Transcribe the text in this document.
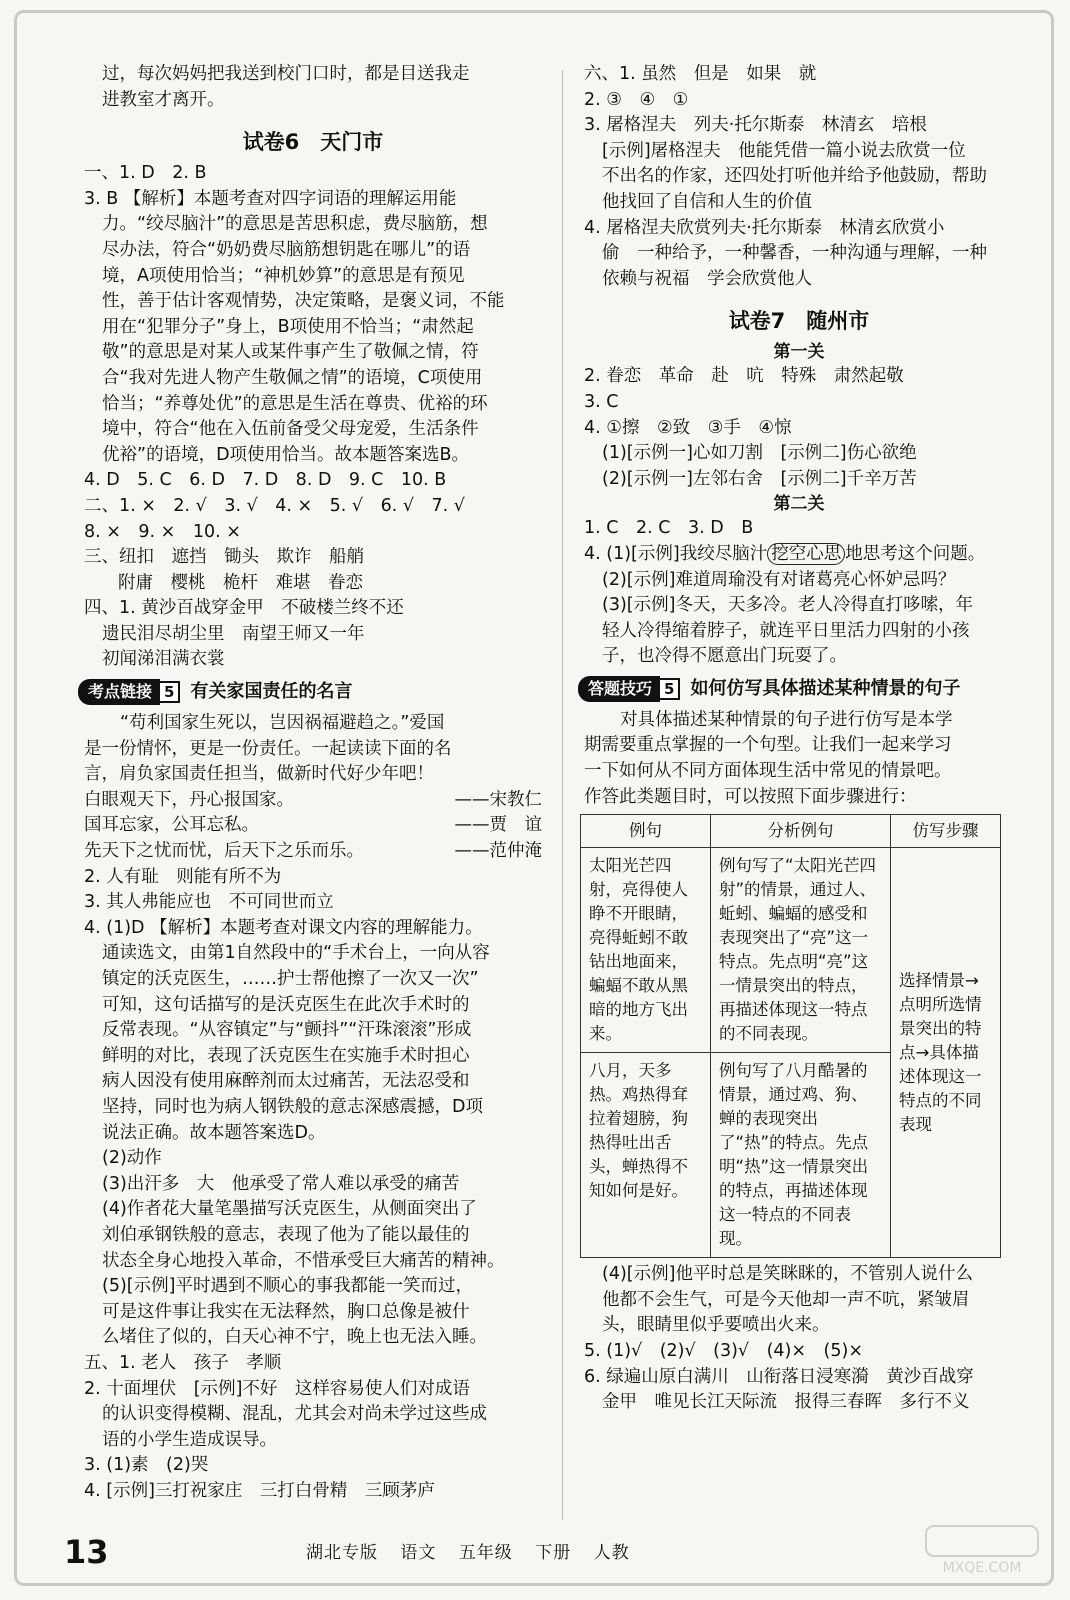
过，每次妈妈把我送到校门口时，都是目送我走
进教室才离开。
试卷6　天门市
一、1. D　2. B
3. B 【解析】本题考查对四字词语的理解运用能
力。“绞尽脑汁”的意思是苦思积虑，费尽脑筋，想
尽办法，符合“奶奶费尽脑筋想钥匙在哪儿”的语
境，A项使用恰当；“神机妙算”的意思是有预见
性，善于估计客观情势，决定策略，是褒义词，不能
用在“犯罪分子”身上，B项使用不恰当；“肃然起
敬”的意思是对某人或某件事产生了敬佩之情，符
合“我对先进人物产生敬佩之情”的语境，C项使用
恰当；“养尊处优”的意思是生活在尊贵、优裕的环
境中，符合“他在入伍前备受父母宠爱，生活条件
优裕”的语境，D项使用恰当。故本题答案选B。
4. D　5. C　6. D　7. D　8. D　9. C　10. B
二、1. ×　2. √　3. √　4. ×　5. √　6. √　7. √
8. ×　9. ×　10. ×
三、纽扣　遮挡　锄头　欺诈　船艄
附庸　樱桃　桅杆　难堪　眷恋
四、1. 黄沙百战穿金甲　不破楼兰终不还
遗民泪尽胡尘里　南望王师又一年
初闻涕泪满衣裳
考点链接 5 有关家国责任的名言
“苟利国家生死以，岂因祸福避趋之。”爱国
是一份情怀，更是一份责任。一起读读下面的名
言，肩负家国责任担当，做新时代好少年吧！
白眼观天下，丹心报国家。	——宋教仁
国耳忘家，公耳忘私。	——贾　谊
先天下之忧而忧，后天下之乐而乐。	——范仲淹
2. 人有耻　则能有所不为
3. 其人弗能应也　不可同世而立
4. (1)D 【解析】本题考查对课文内容的理解能力。
通读选文，由第1自然段中的“手术台上，一向从容
镇定的沃克医生，……护士帮他擦了一次又一次”
可知，这句话描写的是沃克医生在此次手术时的
反常表现。“从容镇定”与“颤抖”“汗珠滚滚”形成
鲜明的对比，表现了沃克医生在实施手术时担心
病人因没有使用麻醉剂而太过痛苦，无法忍受和
坚持，同时也为病人钢铁般的意志深感震撼，D项
说法正确。故本题答案选D。
(2)动作
(3)出汗多　大　他承受了常人难以承受的痛苦
(4)作者花大量笔墨描写沃克医生，从侧面突出了
刘伯承钢铁般的意志，表现了他为了能以最佳的
状态全身心地投入革命，不惜承受巨大痛苦的精神。
(5)[示例]平时遇到不顺心的事我都能一笑而过，
可是这件事让我实在无法释然，胸口总像是被什
么堵住了似的，白天心神不宁，晚上也无法入睡。
五、1. 老人　孩子　孝顺
2. 十面埋伏　[示例]不好　这样容易使人们对成语
的认识变得模糊、混乱，尤其会对尚未学过这些成
语的小学生造成误导。
3. (1)素　(2)哭
4. [示例]三打祝家庄　三打白骨精　三顾茅庐
六、1. 虽然　但是　如果　就
2. ③　④　①
3. 屠格涅夫　列夫·托尔斯泰　林清玄　培根
[示例]屠格涅夫　他能凭借一篇小说去欣赏一位
不出名的作家，还四处打听他并给予他鼓励，帮助
他找回了自信和人生的价值
4. 屠格涅夫欣赏列夫·托尔斯泰　林清玄欣赏小
偷　一种给予，一种馨香，一种沟通与理解，一种
依赖与祝福　学会欣赏他人
试卷7　随州市
第一关
2. 眷恋　革命　赴　吭　特殊　肃然起敬
3. C
4. ①擦　②致　③手　④惊
(1)[示例一]心如刀割　[示例二]伤心欲绝
(2)[示例一]左邻右舍　[示例二]千辛万苦
第二关
1. C　2. C　3. D　B
4. (1)[示例]我绞尽脑汁 挖空心思 地思考这个问题。
(2)[示例]难道周瑜没有对诸葛亮心怀妒忌吗？
(3)[示例]冬天，天多冷。老人冷得直打哆嗦，年
轻人冷得缩着脖子，就连平日里活力四射的小孩
子，也冷得不愿意出门玩耍了。
答题技巧 5 如何仿写具体描述某种情景的句子
对具体描述某种情景的句子进行仿写是本学
期需要重点掌握的一个句型。让我们一起来学习
一下如何从不同方面体现生活中常见的情景吧。
作答此类题目时，可以按照下面步骤进行：
例句	分析例句	仿写步骤
太阳光芒四射，亮得使人睁不开眼睛，亮得蚯蚓不敢钻出地面来，蝙蝠不敢从黑暗的地方飞出来。	例句写了“太阳光芒四射”的情景，通过人、蚯蚓、蝙蝠的感受和表现突出了“亮”这一特点。先点明“亮”这一情景突出的特点，再描述体现这一特点的不同表现。	选择情景→点明所选情景突出的特点→具体描述体现这一特点的不同表现
八月，天多热。鸡热得耷拉着翅膀，狗热得吐出舌头，蝉热得不知如何是好。	例句写了八月酷暑的情景，通过鸡、狗、蝉的表现突出了“热”的特点。先点明“热”这一情景突出的特点，再描述体现这一特点的不同表现。	
(4)[示例]他平时总是笑眯眯的，不管别人说什么
他都不会生气，可是今天他却一声不吭，紧皱眉
头，眼睛里似乎要喷出火来。
5. (1)√　(2)√　(3)√　(4)×　(5)×
6. 绿遍山原白满川　山衔落日浸寒漪　黄沙百战穿
金甲　唯见长江天际流　报得三春晖　多行不义
13	湖北专版 语文 五年级 下册 人教
MXQE.COM
